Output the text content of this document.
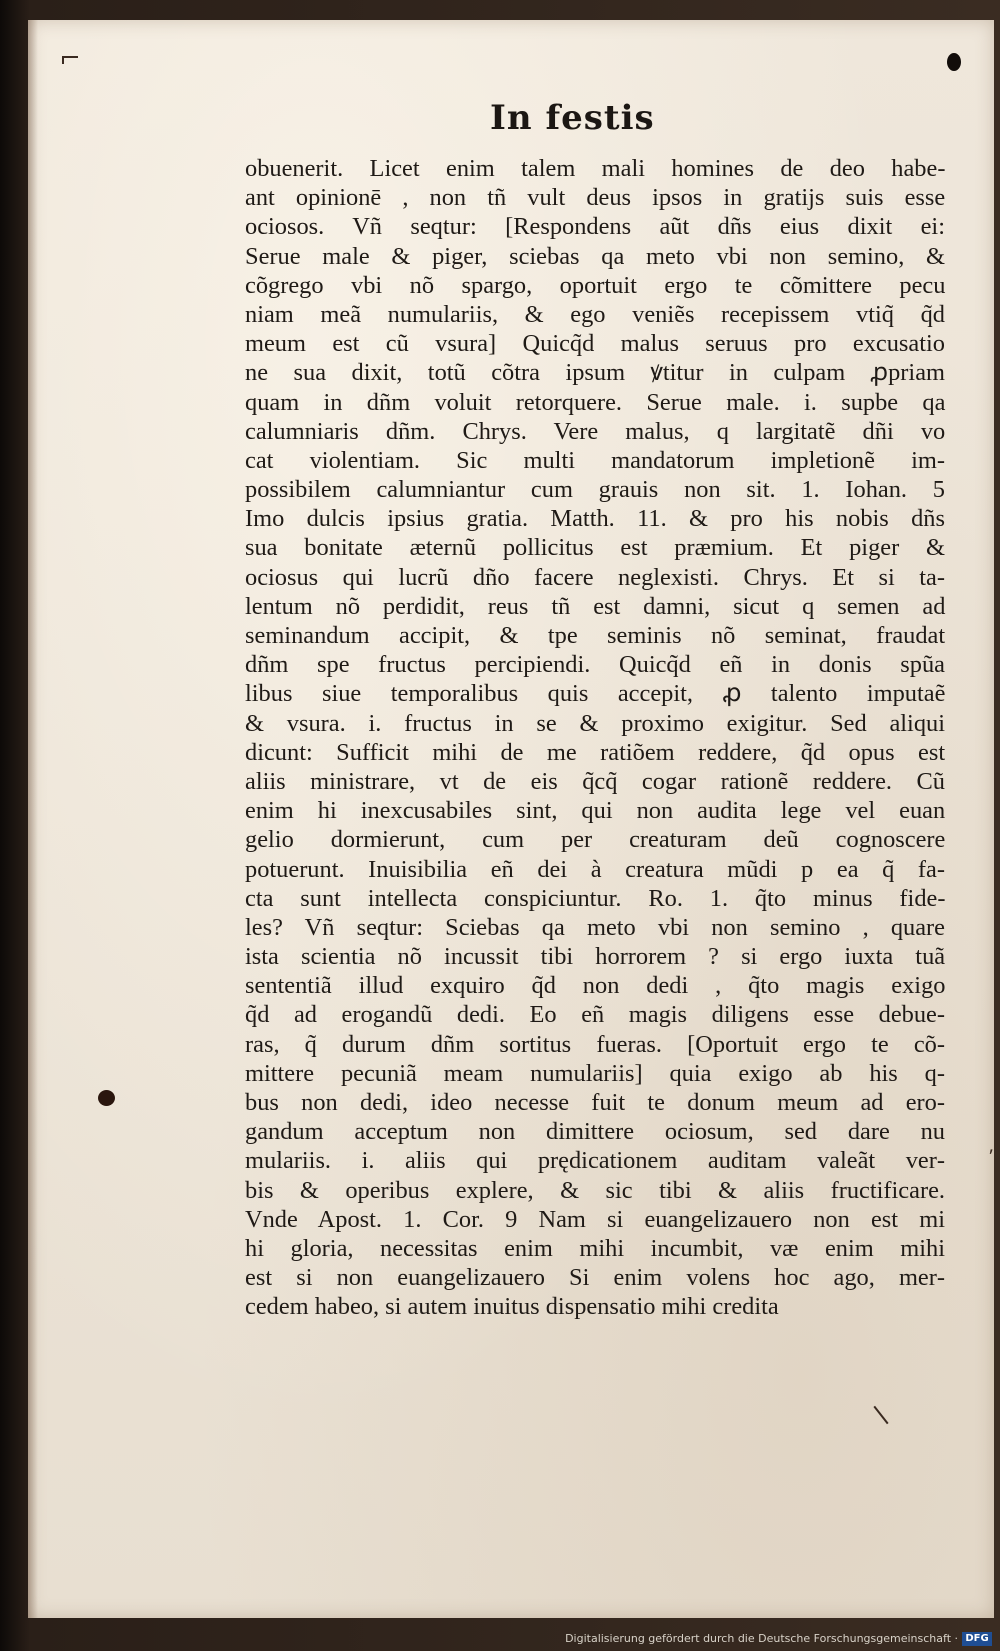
In festis
obuenerit. Licet enim talem mali homines de deo habe‑
ant opinionē , non tñ vult deus ipsos in gratijs suis esse
ociosos. Vñ seqtur: [Respondens aũt dñs eius dixit ei:
Serue male & piger, sciebas qa meto vbi non semino, &
cõgrego vbi nõ spargo, oportuit ergo te cõmittere pecu
niam meã numulariis, & ego veniẽs recepissem vtiq̃ q̃d
meum est cũ vsura] Quicq̃d malus seruus pro excusatio
ne sua dixit, totũ cõtra ipsum ꝟtitur in culpam ꝓpriam
quam in dñm voluit retorquere. Serue male. i. supbe qa
calumniaris dñm. Chrys. Vere malus, q largitatẽ dñi vo
cat violentiam. Sic multi mandatorum impletionẽ im‑
possibilem calumniantur cum grauis non sit. 1. Iohan. 5
Imo dulcis ipsius gratia. Matth. 11. & pro his nobis dñs
sua bonitate æternũ pollicitus est præmium. Et piger &
ociosus qui lucrũ dño facere neglexisti. Chrys. Et si ta‑
lentum nõ perdidit, reus tñ est damni, sicut q semen ad
seminandum accipit, & tpe seminis nõ seminat, fraudat
dñm spe fructus percipiendi. Quicq̃d eñ in donis spũa
libus siue temporalibus quis accepit, ꝓ talento imputaẽ
& vsura. i. fructus in se & proximo exigitur. Sed aliqui
dicunt: Sufficit mihi de me ratiõem reddere, q̃d opus est
aliis ministrare, vt de eis q̃cq̃ cogar rationẽ reddere. Cũ
enim hi inexcusabiles sint, qui non audita lege vel euan
gelio dormierunt, cum per creaturam deũ cognoscere
potuerunt. Inuisibilia eñ dei à creatura mũdi p ea q̃ fa‑
cta sunt intellecta conspiciuntur. Ro. 1. q̃to minus fide‑
les? Vñ seqtur: Sciebas qa meto vbi non semino , quare
ista scientia nõ incussit tibi horrorem ? si ergo iuxta tuã
sententiã illud exquiro q̃d non dedi , q̃to magis exigo
q̃d ad erogandũ dedi. Eo eñ magis diligens esse debue‑
ras, q̃ durum dñm sortitus fueras. [Oportuit ergo te cõ‑
mittere pecuniã meam numulariis] quia exigo ab his q‑
bus non dedi, ideo necesse fuit te donum meum ad ero‑
gandum acceptum non dimittere ociosum, sed dare nu
mulariis. i. aliis qui prędicationem auditam valeãt ver‑
bis & operibus explere, & sic tibi & aliis fructificare.
Vnde Apost. 1. Cor. 9 Nam si euangelizauero non est mi
hi gloria, necessitas enim mihi incumbit, væ enim mihi
est si non euangelizauero Si enim volens hoc ago, mer‑
cedem habeo, si autem inuitus dispensatio mihi credita
⸴
Digitalisierung gefördert durch die Deutsche Forschungsgemeinschaft · DFG
